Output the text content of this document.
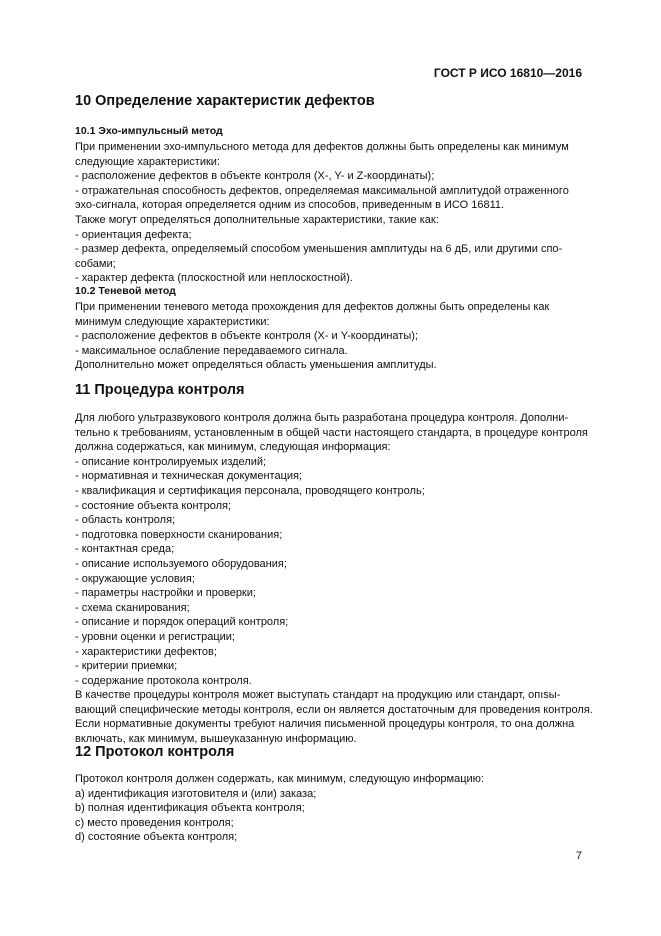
ГОСТ Р ИСО 16810—2016
10 Определение характеристик дефектов
10.1 Эхо-импульсный метод
При применении эхо-импульсного метода для дефектов должны быть определены как минимум
следующие характеристики:
- расположение дефектов в объекте контроля (X-, Y- и Z-координаты);
- отражательная способность дефектов, определяемая максимальной амплитудой отраженного
эхо-сигнала, которая определяется одним из способов, приведенным в ИСО 16811.
Также могут определяться дополнительные характеристики, такие как:
- ориентация дефекта;
- размер дефекта, определяемый способом уменьшения амплитуды на 6 дБ, или другими спо-
собами;
- характер дефекта (плоскостной или неплоскостной).
10.2 Теневой метод
При применении теневого метода прохождения для дефектов должны быть определены как
минимум следующие характеристики:
- расположение дефектов в объекте контроля (X- и Y-координаты);
- максимальное ослабление передаваемого сигнала.
Дополнительно может определяться область уменьшения амплитуды.
11 Процедура контроля
Для любого ультразвукового контроля должна быть разработана процедура контроля. Дополни-
тельно к требованиям, установленным в общей части настоящего стандарта, в процедуре контроля
должна содержаться, как минимум, следующая информация:
- описание контролируемых изделий;
- нормативная и техническая документация;
- квалификация и сертификация персонала, проводящего контроль;
- состояние объекта контроля;
- область контроля;
- подготовка поверхности сканирования;
- контактная среда;
- описание используемого оборудования;
- окружающие условия;
- параметры настройки и проверки;
- схема сканирования;
- описание и порядок операций контроля;
- уровни оценки и регистрации;
- характеристики дефектов;
- критерии приемки;
- содержание протокола контроля.
В качестве процедуры контроля может выступать стандарт на продукцию или стандарт, опısы-
вающий специфические методы контроля, если он является достаточным для проведения контроля.
Если нормативные документы требуют наличия письменной процедуры контроля, то она должна
включать, как минимум, вышеуказанную информацию.
12 Протокол контроля
Протокол контроля должен содержать, как минимум, следующую информацию:
a) идентификация изготовителя и (или) заказа;
b) полная идентификация объекта контроля;
c) место проведения контроля;
d) состояние объекта контроля;
7
